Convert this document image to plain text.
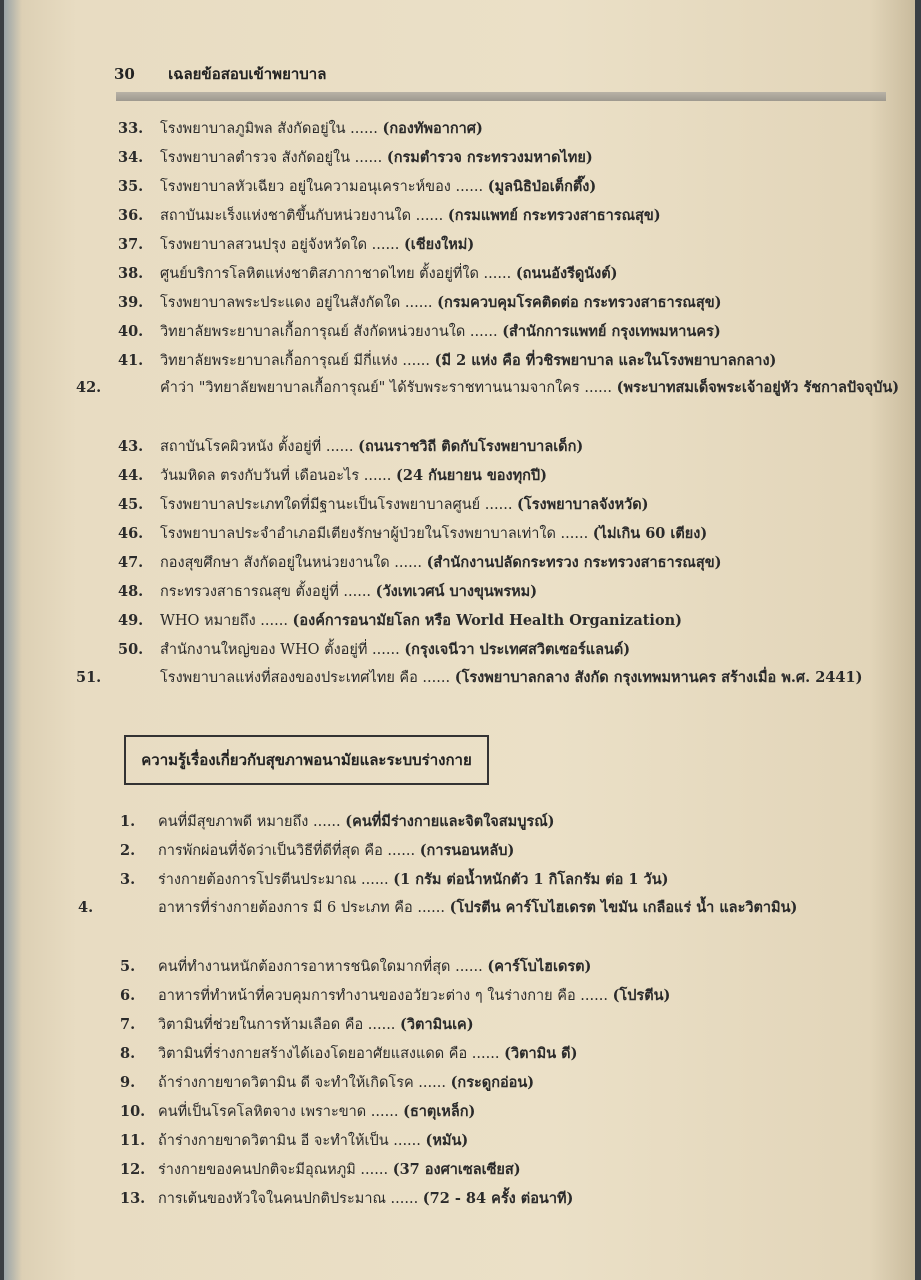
30 เฉลยข้อสอบเข้าพยาบาล
33. โรงพยาบาลภูมิพล สังกัดอยู่ใน ...... (กองทัพอากาศ)
34. โรงพยาบาลตำรวจ สังกัดอยู่ใน ...... (กรมตำรวจ กระทรวงมหาดไทย)
35. โรงพยาบาลหัวเฉียว อยู่ในความอนุเคราะห์ของ ...... (มูลนิธิป่อเต็กตึ๊ง)
36. สถาบันมะเร็งแห่งชาติขึ้นกับหน่วยงานใด ...... (กรมแพทย์ กระทรวงสาธารณสุข)
37. โรงพยาบาลสวนปรุง อยู่จังหวัดใด ...... (เชียงใหม่)
38. ศูนย์บริการโลหิตแห่งชาติสภากาชาดไทย ตั้งอยู่ที่ใด ...... (ถนนอังรีดูนังต์)
39. โรงพยาบาลพระประแดง อยู่ในสังกัดใด ...... (กรมควบคุมโรคติดต่อ กระทรวงสาธารณสุข)
40. วิทยาลัยพระยาบาลเกื้อการุณย์ สังกัดหน่วยงานใด ...... (สำนักการแพทย์ กรุงเทพมหานคร)
41. วิทยาลัยพระยาบาลเกื้อการุณย์ มีกี่แห่ง ...... (มี 2 แห่ง คือ ที่วชิรพยาบาล และในโรงพยาบาลกลาง)
42.	คำว่า "วิทยาลัยพยาบาลเกื้อการุณย์" ได้รับพระราชทานนามจากใคร ...... (พระบาทสมเด็จพระเจ้าอยู่หัว รัชกาลปัจจุบัน)
43. สถาบันโรคผิวหนัง ตั้งอยู่ที่ ...... (ถนนราชวิถี ติดกับโรงพยาบาลเด็ก)
44. วันมหิดล ตรงกับวันที่ เดือนอะไร ...... (24 กันยายน ของทุกปี)
45. โรงพยาบาลประเภทใดที่มีฐานะเป็นโรงพยาบาลศูนย์ ...... (โรงพยาบาลจังหวัด)
46. โรงพยาบาลประจำอำเภอมีเตียงรักษาผู้ป่วยในโรงพยาบาลเท่าใด ...... (ไม่เกิน 60 เตียง)
47. กองสุขศึกษา สังกัดอยู่ในหน่วยงานใด ...... (สำนักงานปลัดกระทรวง กระทรวงสาธารณสุข)
48. กระทรวงสาธารณสุข ตั้งอยู่ที่ ...... (วังเทเวศน์ บางขุนพรหม)
49. WHO หมายถึง ...... (องค์การอนามัยโลก หรือ World Health Organization)
50. สำนักงานใหญ่ของ WHO ตั้งอยู่ที่ ...... (กรุงเจนีวา ประเทศสวิตเซอร์แลนด์)
51.	โรงพยาบาลแห่งที่สองของประเทศไทย คือ ...... (โรงพยาบาลกลาง สังกัด กรุงเทพมหานคร สร้างเมื่อ พ.ศ. 2441)
ความรู้เรื่องเกี่ยวกับสุขภาพอนามัยและระบบร่างกาย
1. คนที่มีสุขภาพดี หมายถึง ...... (คนที่มีร่างกายและจิตใจสมบูรณ์)
2. การพักผ่อนที่จัดว่าเป็นวิธีที่ดีที่สุด คือ ...... (การนอนหลับ)
3. ร่างกายต้องการโปรตีนประมาณ ...... (1 กรัม ต่อน้ำหนักตัว 1 กิโลกรัม ต่อ 1 วัน)
4.	อาหารที่ร่างกายต้องการ มี 6 ประเภท คือ ...... (โปรตีน คาร์โบไฮเดรต ไขมัน เกลือแร่ น้ำ และวิตามิน)
5. คนที่ทำงานหนักต้องการอาหารชนิดใดมากที่สุด ...... (คาร์โบไฮเดรต)
6. อาหารที่ทำหน้าที่ควบคุมการทำงานของอวัยวะต่าง ๆ ในร่างกาย คือ ...... (โปรตีน)
7. วิตามินที่ช่วยในการห้ามเลือด คือ ...... (วิตามินเค)
8. วิตามินที่ร่างกายสร้างได้เองโดยอาศัยแสงแดด คือ ...... (วิตามิน ดี)
9. ถ้าร่างกายขาดวิตามิน ดี จะทำให้เกิดโรค ...... (กระดูกอ่อน)
10. คนที่เป็นโรคโลหิตจาง เพราะขาด ...... (ธาตุเหล็ก)
11. ถ้าร่างกายขาดวิตามิน อี จะทำให้เป็น ...... (หมัน)
12. ร่างกายของคนปกติจะมีอุณหภูมิ ...... (37 องศาเซลเซียส)
13. การเต้นของหัวใจในคนปกติประมาณ ...... (72 - 84 ครั้ง ต่อนาที)
